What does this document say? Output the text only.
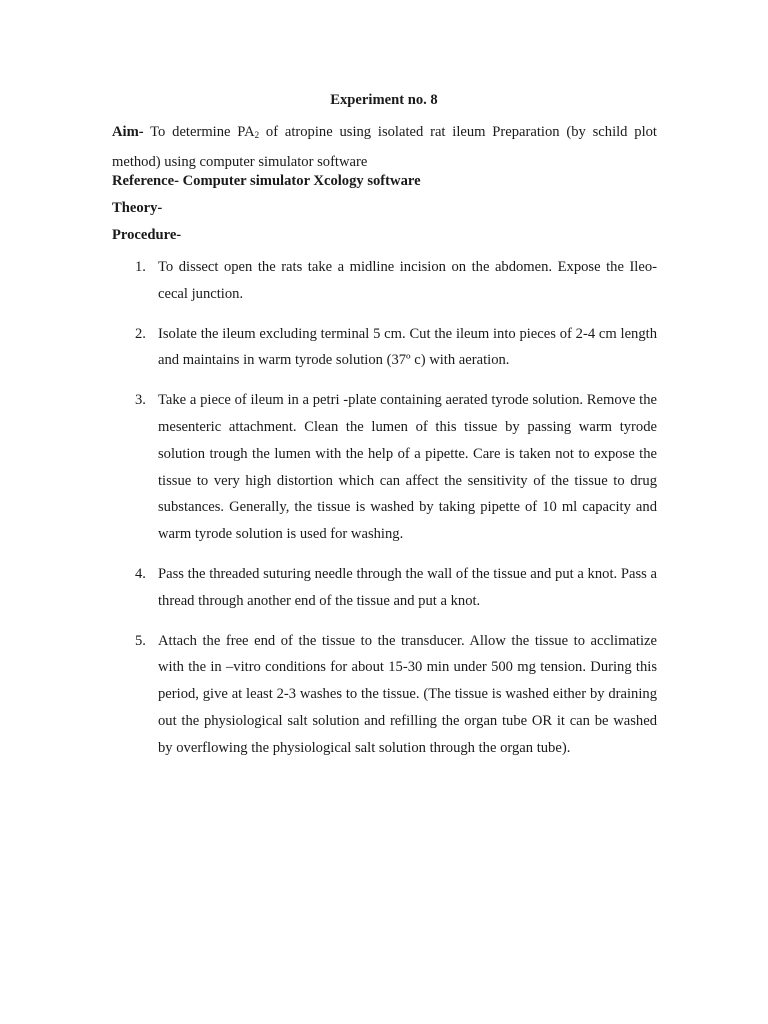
Experiment no. 8
Aim- To determine $PA_2$ of atropine using isolated rat ileum Preparation (by schild plot method) using computer simulator software
Reference- Computer simulator Xcology software
Theory-
Procedure-
1. To dissect open the rats take a midline incision on the abdomen. Expose the Ileo-cecal junction.
2. Isolate the ileum excluding terminal 5 cm. Cut the ileum into pieces of 2-4 cm length and maintains in warm tyrode solution (37º c) with aeration.
3. Take a piece of ileum in a petri -plate containing aerated tyrode solution. Remove the mesenteric attachment. Clean the lumen of this tissue by passing warm tyrode solution trough the lumen with the help of a pipette. Care is taken not to expose the tissue to very high distortion which can affect the sensitivity of the tissue to drug substances. Generally, the tissue is washed by taking pipette of 10 ml capacity and warm tyrode solution is used for washing.
4. Pass the threaded suturing needle through the wall of the tissue and put a knot. Pass a thread through another end of the tissue and put a knot.
5. Attach the free end of the tissue to the transducer. Allow the tissue to acclimatize with the in –vitro conditions for about 15-30 min under 500 mg tension. During this period, give at least 2-3 washes to the tissue. (The tissue is washed either by draining out the physiological salt solution and refilling the organ tube OR it can be washed by overflowing the physiological salt solution through the organ tube).
